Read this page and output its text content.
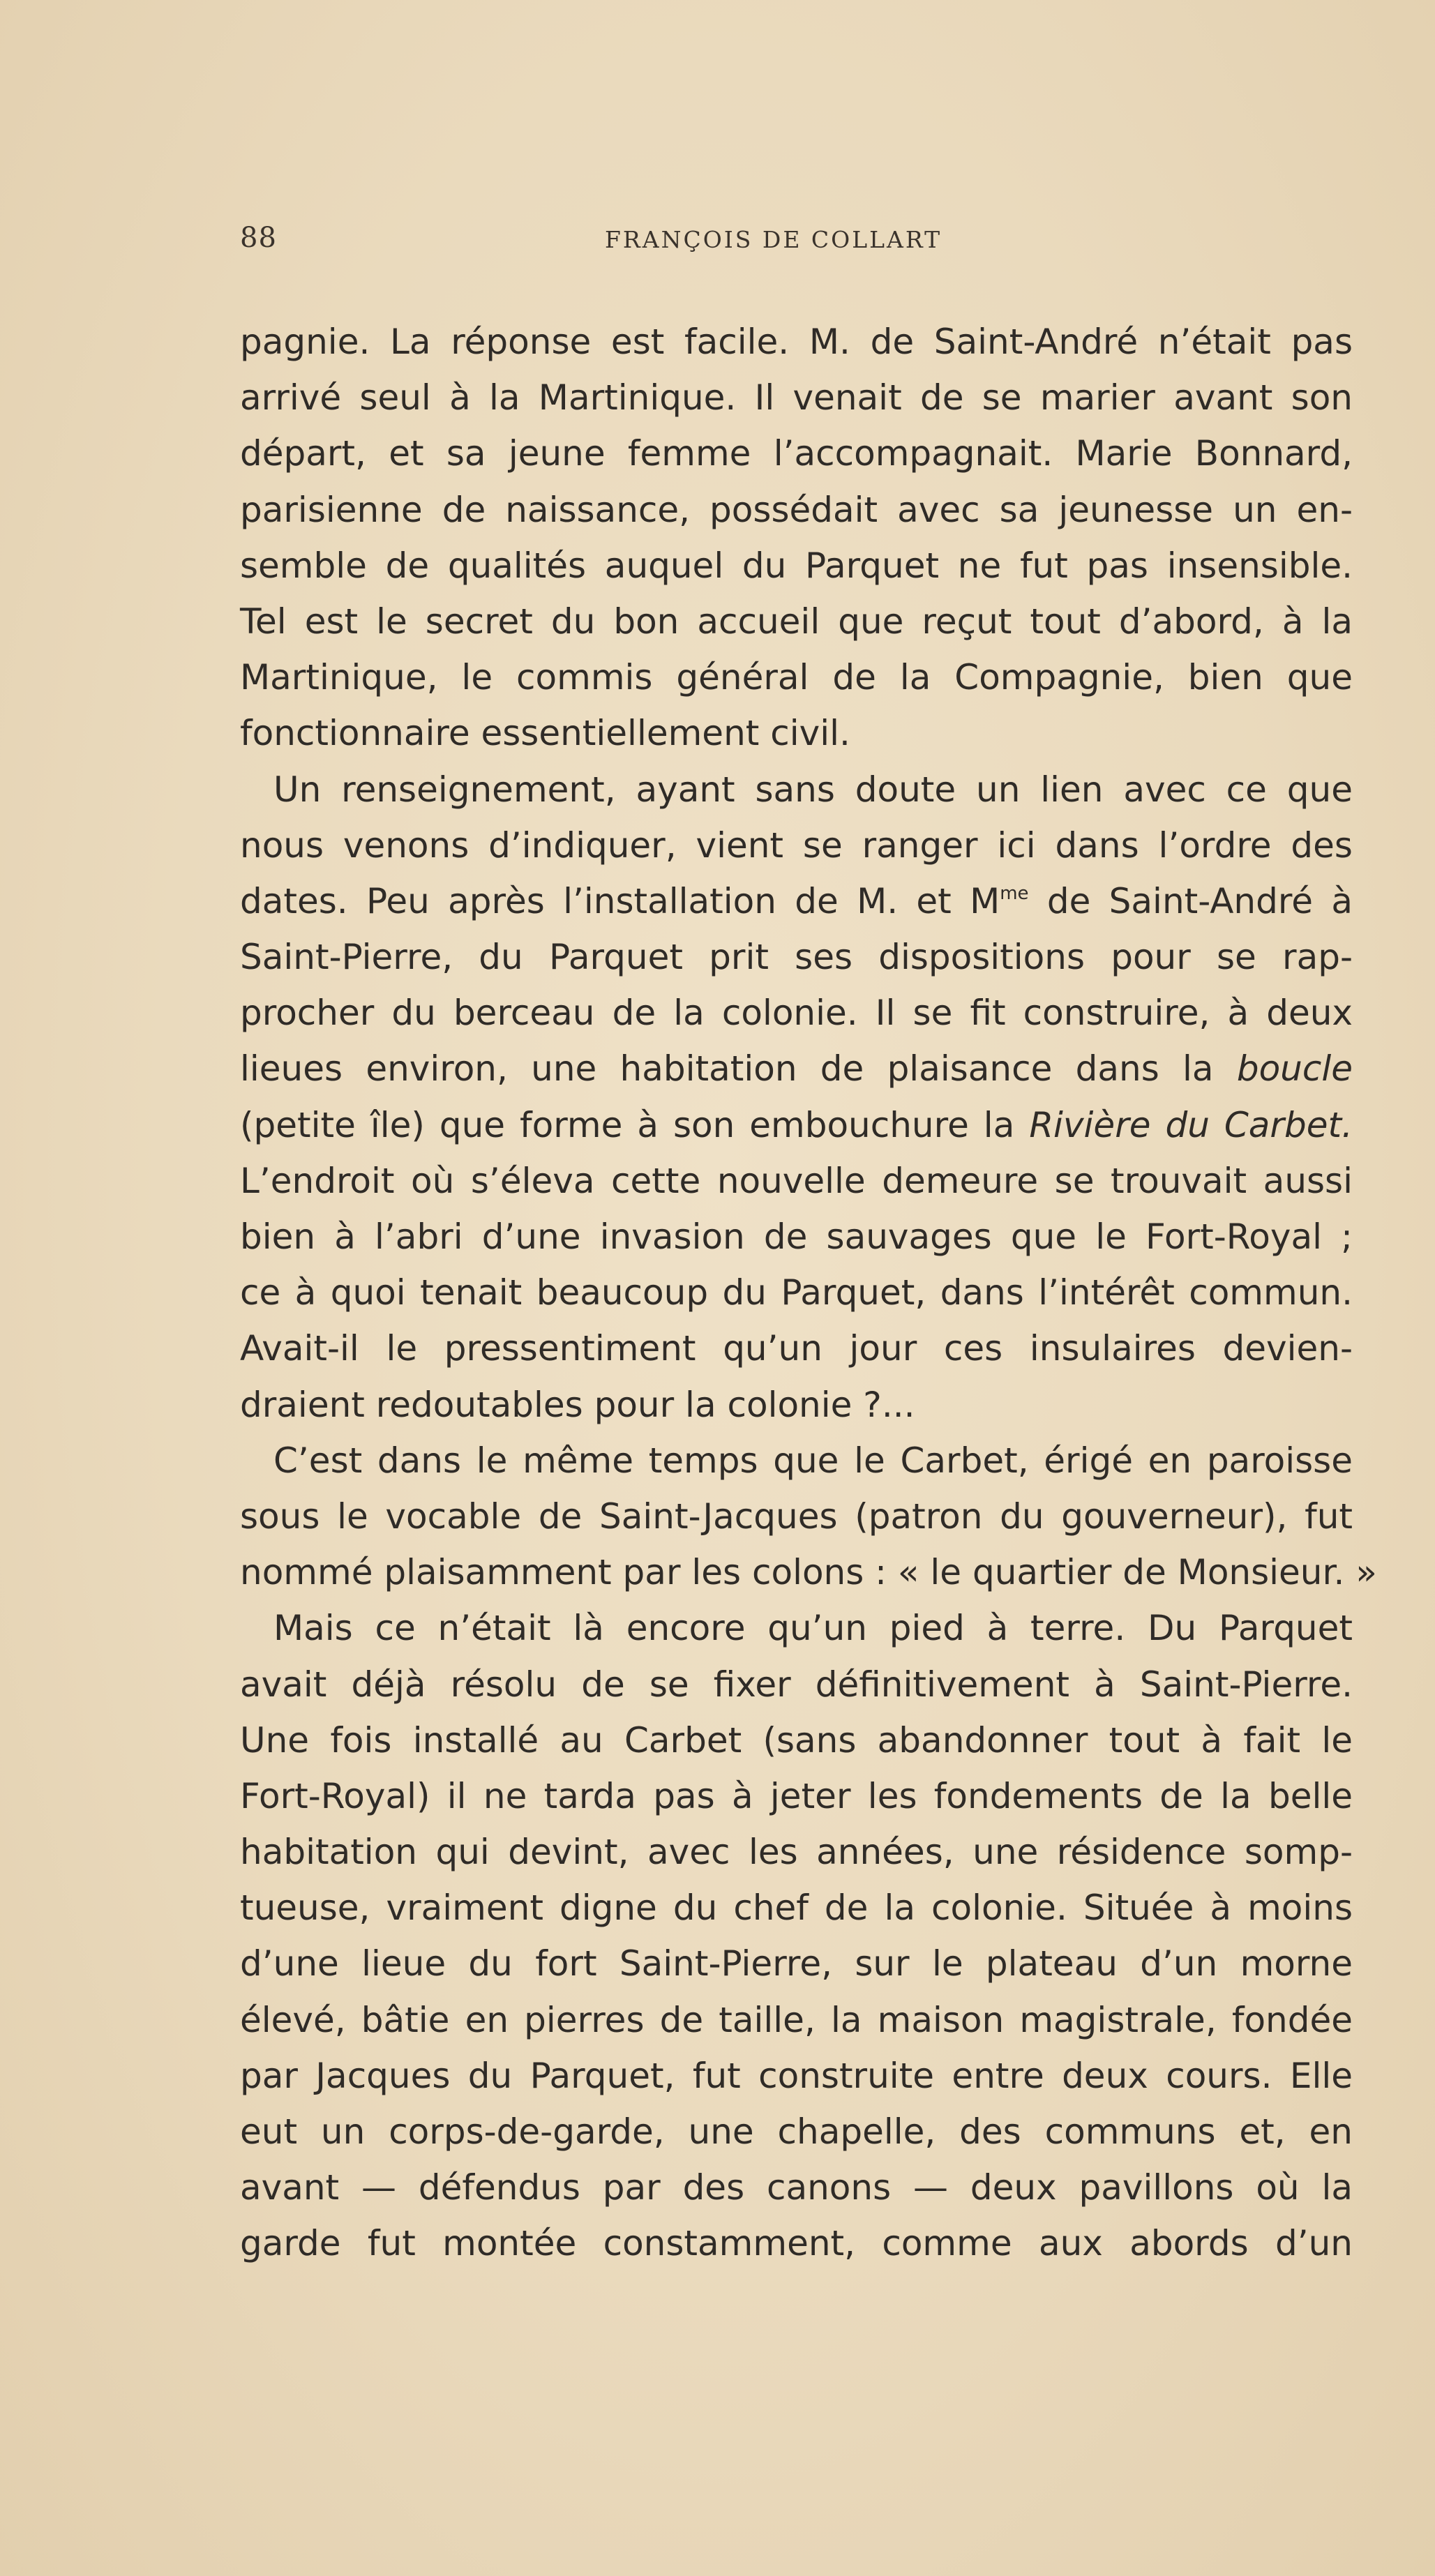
88	FRANÇOIS DE COLLART
pagnie. La réponse est facile. M. de Saint-André n’était pas
arrivé seul à la Martinique. Il venait de se marier avant son
départ, et sa jeune femme l’accompagnait. Marie Bonnard,
parisienne de naissance, possédait avec sa jeunesse un en-
semble de qualités auquel du Parquet ne fut pas insensible.
Tel est le secret du bon accueil que reçut tout d’abord, à la
Martinique, le commis général de la Compagnie, bien que
fonctionnaire essentiellement civil.
Un renseignement, ayant sans doute un lien avec ce que
nous venons d’indiquer, vient se ranger ici dans l’ordre des
dates. Peu après l’installation de M. et $M^{me}$ de Saint-André à
Saint-Pierre, du Parquet prit ses dispositions pour se rap-
procher du berceau de la colonie. Il se fit construire, à deux
lieues environ, une habitation de plaisance dans la boucle
(petite île) que forme à son embouchure la Rivière du Carbet.
L’endroit où s’éleva cette nouvelle demeure se trouvait aussi
bien à l’abri d’une invasion de sauvages que le Fort-Royal ;
ce à quoi tenait beaucoup du Parquet, dans l’intérêt commun.
Avait-il le pressentiment qu’un jour ces insulaires devien-
draient redoutables pour la colonie ?...
C’est dans le même temps que le Carbet, érigé en paroisse
sous le vocable de Saint-Jacques (patron du gouverneur), fut
nommé plaisamment par les colons : « le quartier de Monsieur. »
Mais ce n’était là encore qu’un pied à terre. Du Parquet
avait déjà résolu de se fixer définitivement à Saint-Pierre.
Une fois installé au Carbet (sans abandonner tout à fait le
Fort-Royal) il ne tarda pas à jeter les fondements de la belle
habitation qui devint, avec les années, une résidence somp-
tueuse, vraiment digne du chef de la colonie. Située à moins
d’une lieue du fort Saint-Pierre, sur le plateau d’un morne
élevé, bâtie en pierres de taille, la maison magistrale, fondée
par Jacques du Parquet, fut construite entre deux cours. Elle
eut un corps-de-garde, une chapelle, des communs et, en
avant — défendus par des canons — deux pavillons où la
garde fut montée constamment, comme aux abords d’un
